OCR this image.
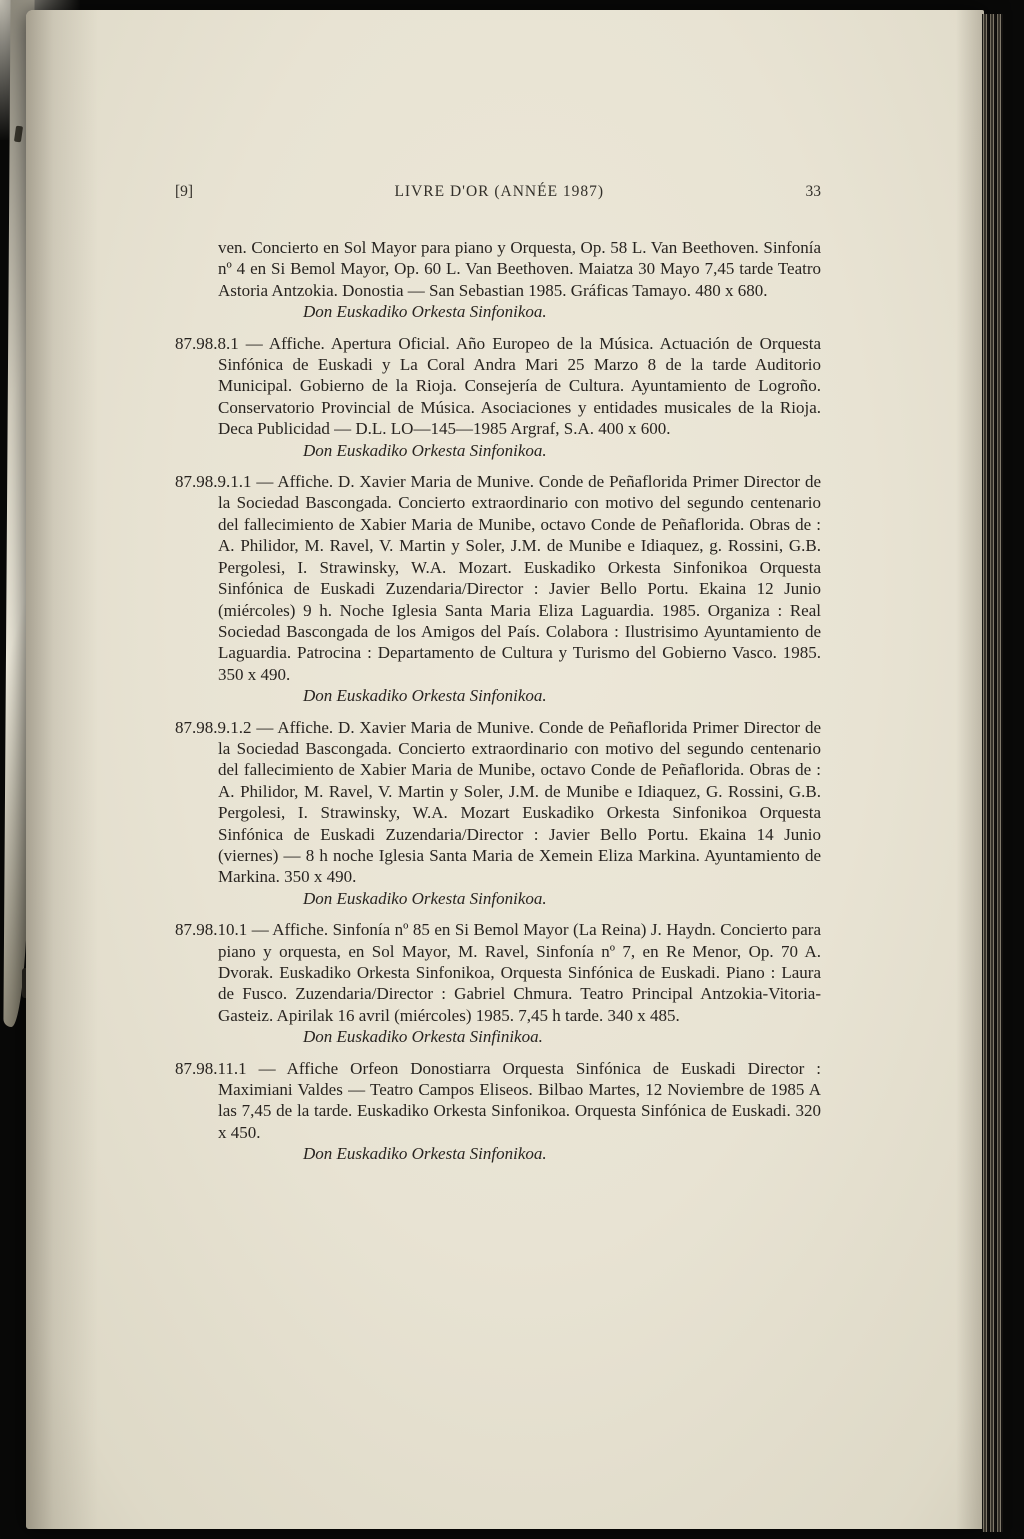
[9]	LIVRE D'OR (ANNÉE 1987)	33

ven. Concierto en Sol Mayor para piano y Orquesta, Op. 58 L. Van Beethoven. Sinfonía nº 4 en Si Bemol Mayor, Op. 60 L. Van Beethoven. Maiatza 30 Mayo 7,45 tarde Teatro Astoria Antzokia. Donostia — San Sebastian 1985. Gráficas Tamayo. 480 x 680.

Don Euskadiko Orkesta Sinfonikoa.

87.98.8.1 — Affiche. Apertura Oficial. Año Europeo de la Música. Actuación de Orquesta Sinfónica de Euskadi y La Coral Andra Mari 25 Marzo 8 de la tarde Auditorio Municipal. Gobierno de la Rioja. Consejería de Cultura. Ayuntamiento de Logroño. Conservatorio Provincial de Música. Asociaciones y entidades musicales de la Rioja. Deca Publicidad — D.L. LO—145—1985 Argraf, S.A. 400 x 600.

Don Euskadiko Orkesta Sinfonikoa.

87.98.9.1.1 — Affiche. D. Xavier Maria de Munive. Conde de Peñaflorida Primer Director de la Sociedad Bascongada. Concierto extraordinario con motivo del segundo centenario del fallecimiento de Xabier Maria de Munibe, octavo Conde de Peñaflorida. Obras de : A. Philidor, M. Ravel, V. Martin y Soler, J.M. de Munibe e Idiaquez, g. Rossini, G.B. Pergolesi, I. Strawinsky, W.A. Mozart. Euskadiko Orkesta Sinfonikoa Orquesta Sinfónica de Euskadi Zuzendaria/Director : Javier Bello Portu. Ekaina 12 Junio (miércoles) 9 h. Noche Iglesia Santa Maria Eliza Laguardia. 1985. Organiza : Real Sociedad Bascongada de los Amigos del País. Colabora : Ilustrisimo Ayuntamiento de Laguardia. Patrocina : Departamento de Cultura y Turismo del Gobierno Vasco. 1985. 350 x 490.

Don Euskadiko Orkesta Sinfonikoa.

87.98.9.1.2 — Affiche. D. Xavier Maria de Munive. Conde de Peñaflorida Primer Director de la Sociedad Bascongada. Concierto extraordinario con motivo del segundo centenario del fallecimiento de Xabier Maria de Munibe, octavo Conde de Peñaflorida. Obras de : A. Philidor, M. Ravel, V. Martin y Soler, J.M. de Munibe e Idiaquez, G. Rossini, G.B. Pergolesi, I. Strawinsky, W.A. Mozart Euskadiko Orkesta Sinfonikoa Orquesta Sinfónica de Euskadi Zuzendaria/Director : Javier Bello Portu. Ekaina 14 Junio (viernes) — 8 h noche Iglesia Santa Maria de Xemein Eliza Markina. Ayuntamiento de Markina. 350 x 490.

Don Euskadiko Orkesta Sinfonikoa.

87.98.10.1 — Affiche. Sinfonía nº 85 en Si Bemol Mayor (La Reina) J. Haydn. Concierto para piano y orquesta, en Sol Mayor, M. Ravel, Sinfonía nº 7, en Re Menor, Op. 70 A. Dvorak. Euskadiko Orkesta Sinfonikoa, Orquesta Sinfónica de Euskadi. Piano : Laura de Fusco. Zuzendaria/Director : Gabriel Chmura. Teatro Principal Antzokia-Vitoria-Gasteiz. Apirilak 16 avril (miércoles) 1985. 7,45 h tarde. 340 x 485.

Don Euskadiko Orkesta Sinfinikoa.

87.98.11.1 — Affiche Orfeon Donostiarra Orquesta Sinfónica de Euskadi Director : Maximiani Valdes — Teatro Campos Eliseos. Bilbao Martes, 12 Noviembre de 1985 A las 7,45 de la tarde. Euskadiko Orkesta Sinfonikoa. Orquesta Sinfónica de Euskadi. 320 x 450.

Don Euskadiko Orkesta Sinfonikoa.
